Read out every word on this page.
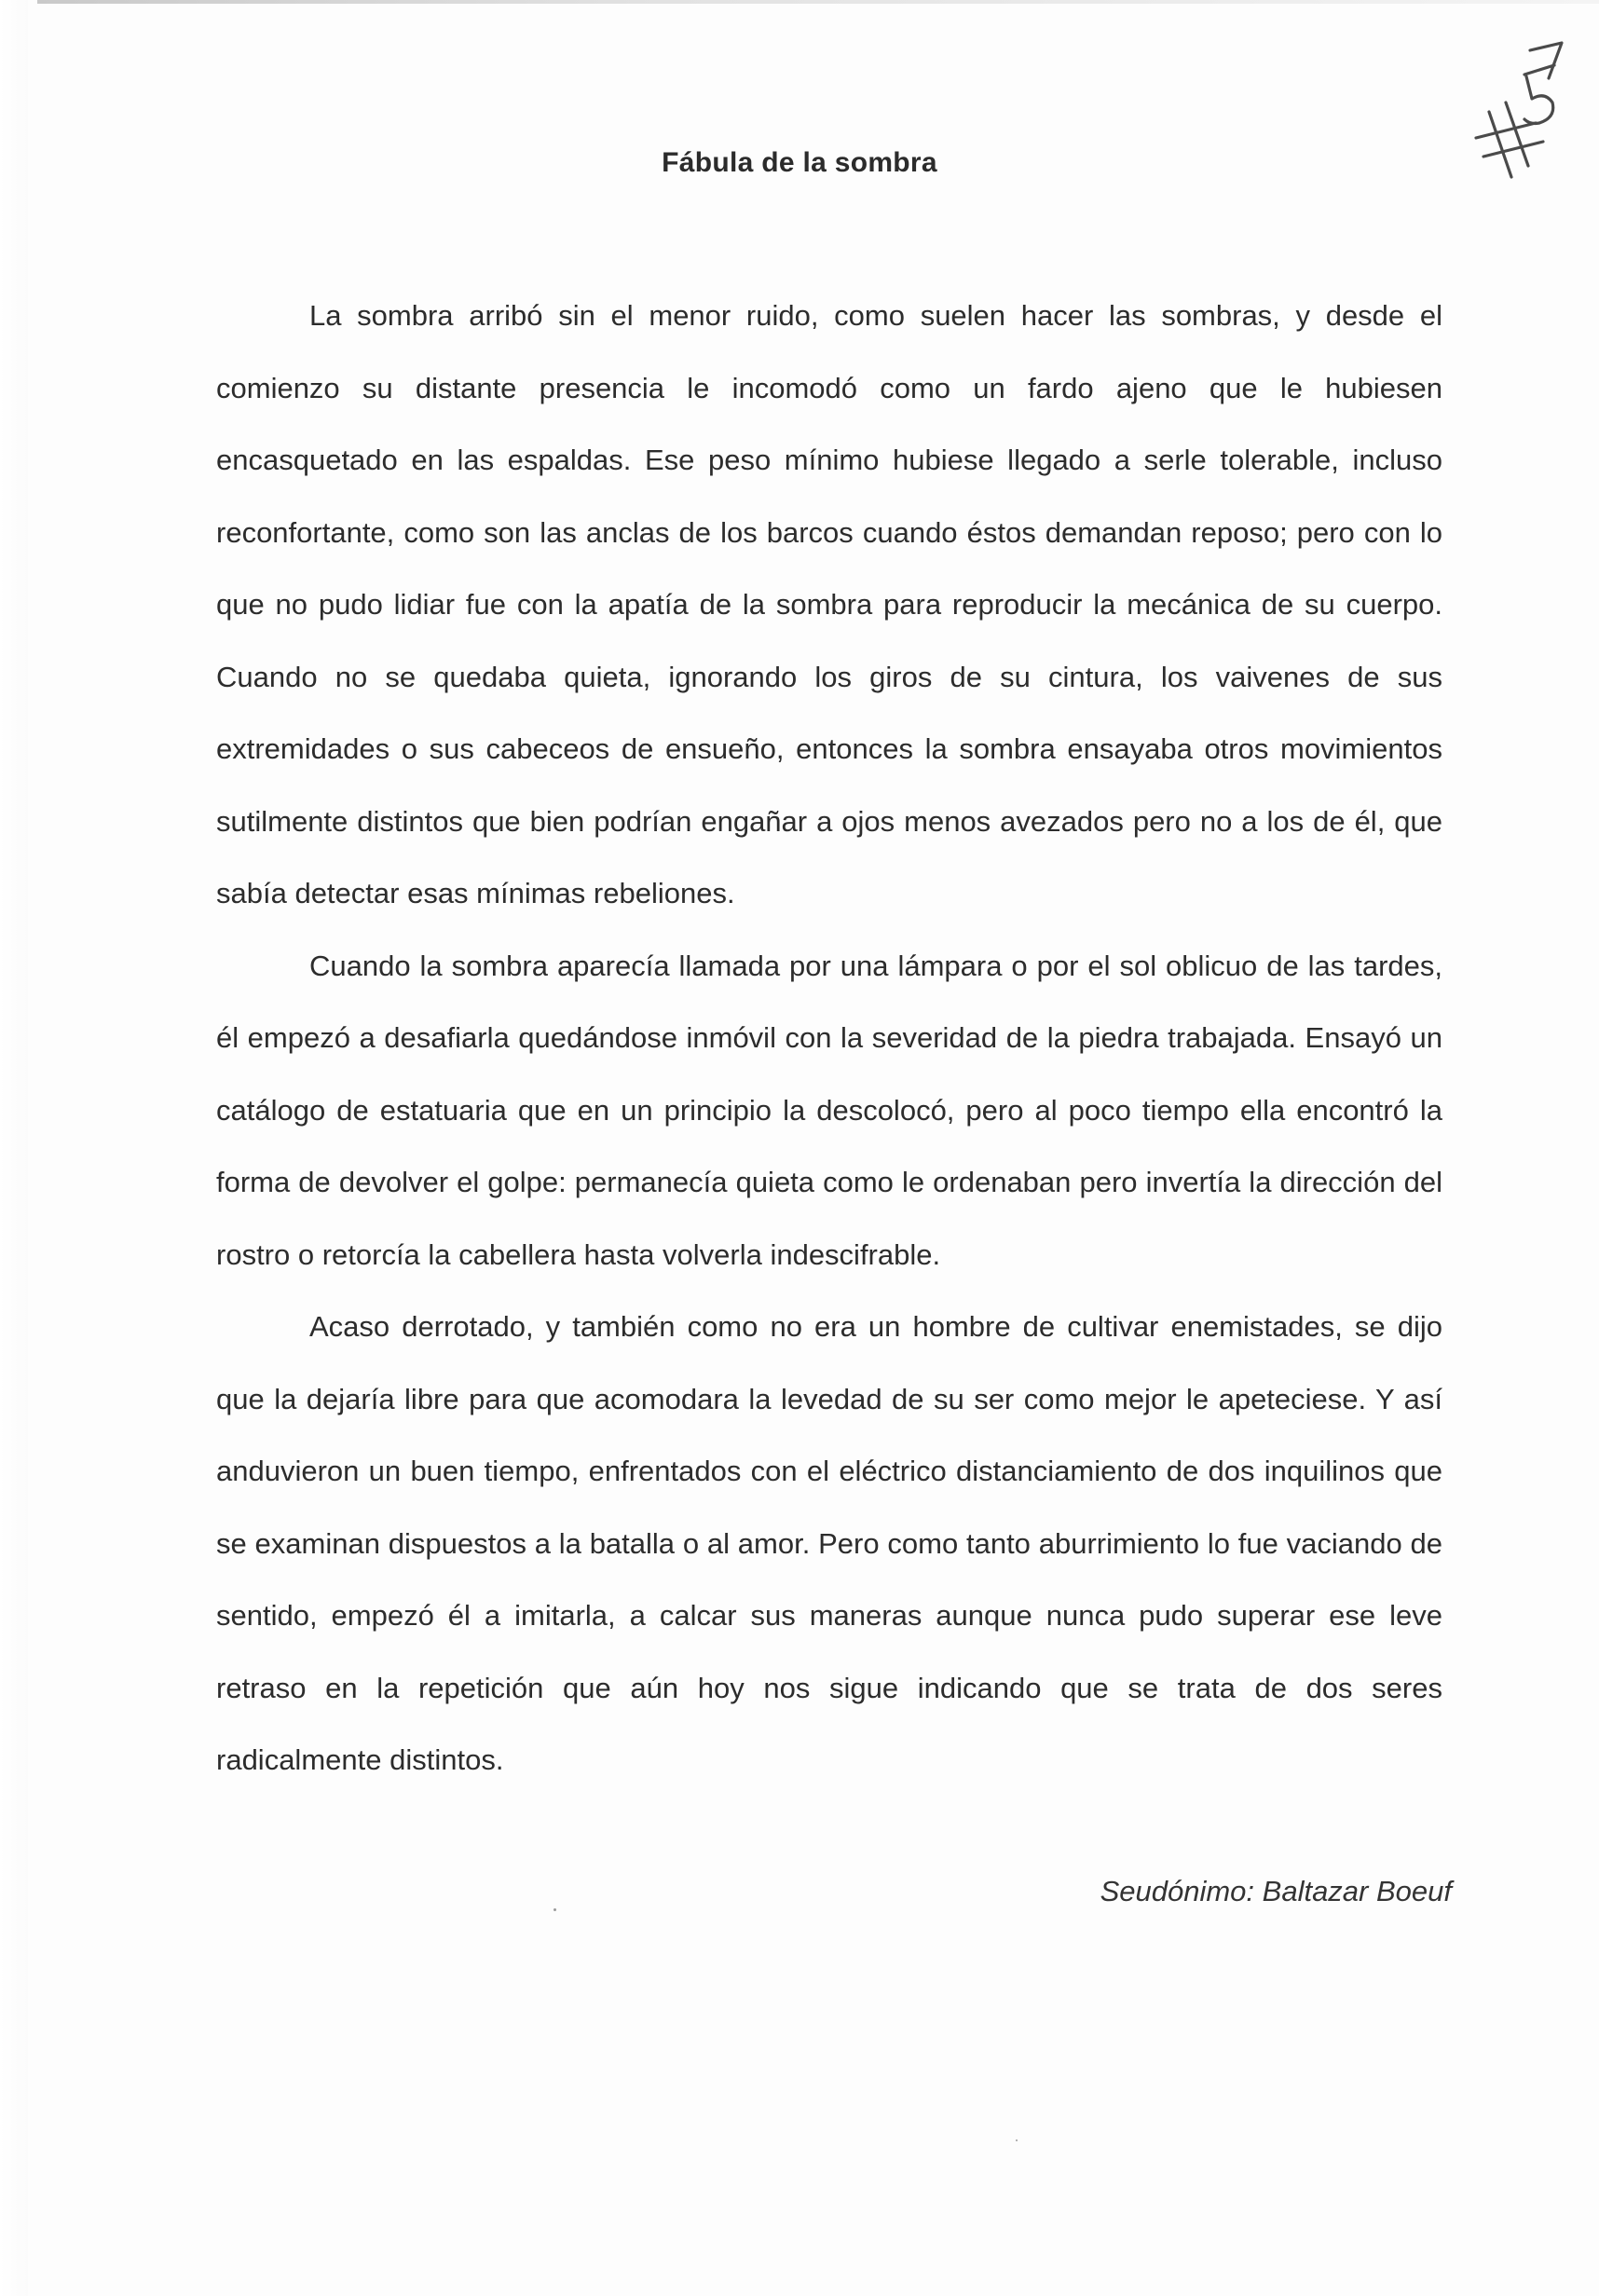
Fábula de la sombra

La sombra arribó sin el menor ruido, como suelen hacer las sombras, y desde el comienzo su distante presencia le incomodó como un fardo ajeno que le hubiesen encasquetado en las espaldas. Ese peso mínimo hubiese llegado a serle tolerable, incluso reconfortante, como son las anclas de los barcos cuando éstos demandan reposo; pero con lo que no pudo lidiar fue con la apatía de la sombra para reproducir la mecánica de su cuerpo. Cuando no se quedaba quieta, ignorando los giros de su cintura, los vaivenes de sus extremidades o sus cabeceos de ensueño, entonces la sombra ensayaba otros movimientos sutilmente distintos que bien podrían engañar a ojos menos avezados pero no a los de él, que sabía detectar esas mínimas rebeliones.

Cuando la sombra aparecía llamada por una lámpara o por el sol oblicuo de las tardes, él empezó a desafiarla quedándose inmóvil con la severidad de la piedra trabajada. Ensayó un catálogo de estatuaria que en un principio la descolocó, pero al poco tiempo ella encontró la forma de devolver el golpe: permanecía quieta como le ordenaban pero invertía la dirección del rostro o retorcía la cabellera hasta volverla indescifrable.

Acaso derrotado, y también como no era un hombre de cultivar enemistades, se dijo que la dejaría libre para que acomodara la levedad de su ser como mejor le apeteciese. Y así anduvieron un buen tiempo, enfrentados con el eléctrico distanciamiento de dos inquilinos que se examinan dispuestos a la batalla o al amor. Pero como tanto aburrimiento lo fue vaciando de sentido, empezó él a imitarla, a calcar sus maneras aunque nunca pudo superar ese leve retraso en la repetición que aún hoy nos sigue indicando que se trata de dos seres radicalmente distintos.

Seudónimo: Baltazar Boeuf
